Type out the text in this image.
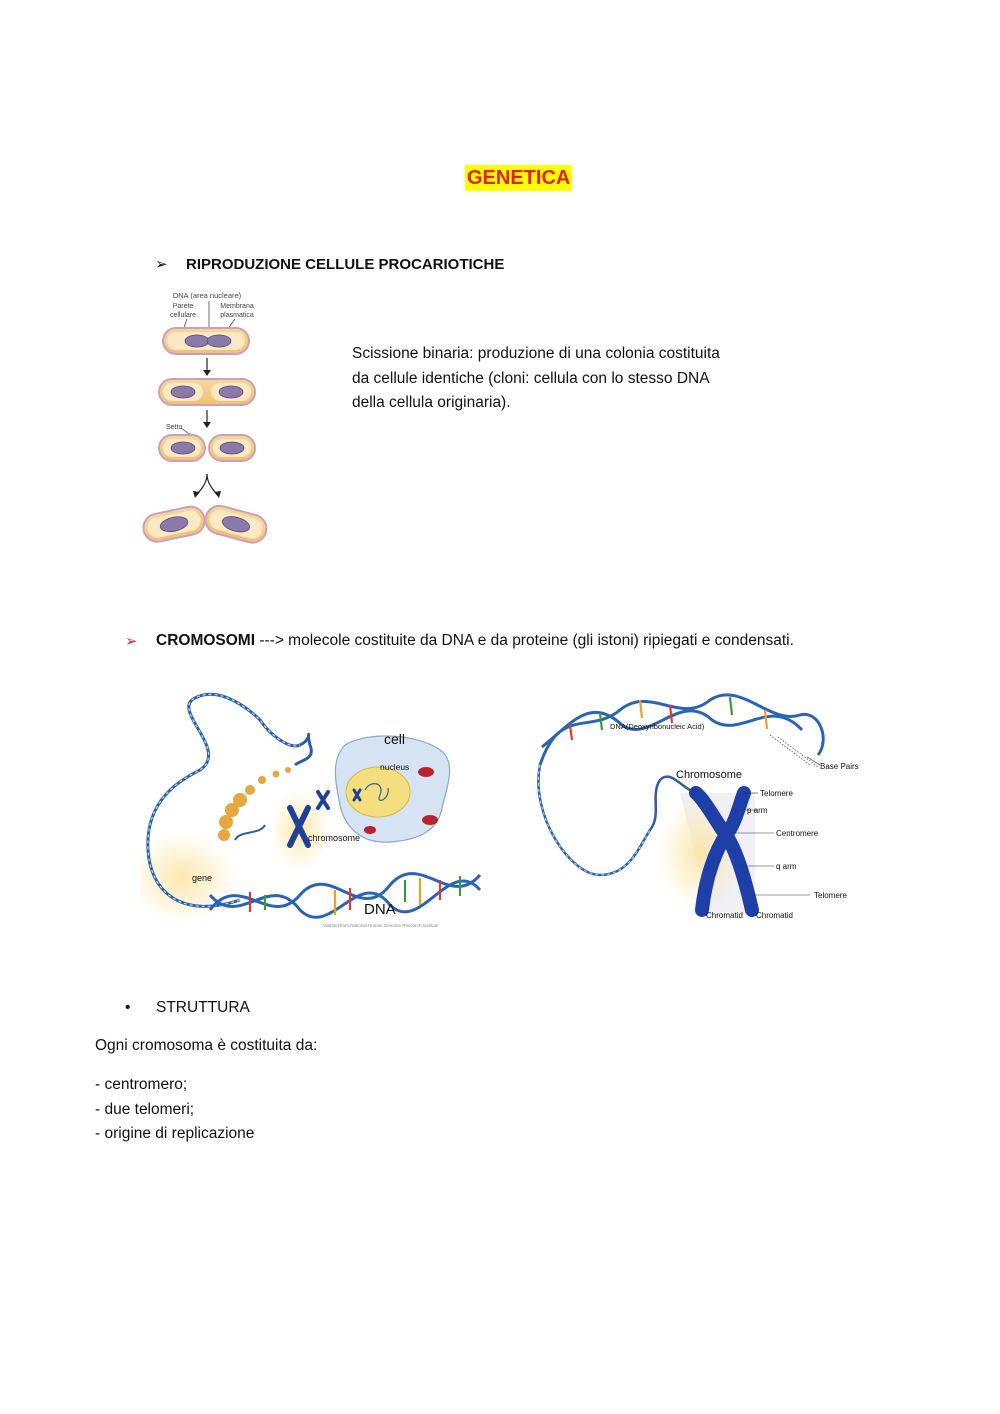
GENETICA
➢ RIPRODUZIONE CELLULE PROCARIOTICHE
DNA (area nucleare)
Parete
cellulare
Membrana
plasmatica
Setto
Scissione binaria: produzione di una colonia costituita
da cellule identiche (cloni: cellula con lo stesso DNA
della cellula originaria).
➢ CROMOSOMI ---> molecole costituite da DNA e da proteine (gli istoni) ripiegati e condensati.
cell
nucleus
chromosome
gene
DNA
Adapted from National Human Genome Research Institute
DNA(Deoxyribonucleic Acid)
Base Pairs
Chromosome
Telomere
p arm
Centromere
q arm
Telomere
Chromatid Chromatid
• STRUTTURA
Ogni cromosoma è costituita da:
- centromero;
- due telomeri;
- origine di replicazione
